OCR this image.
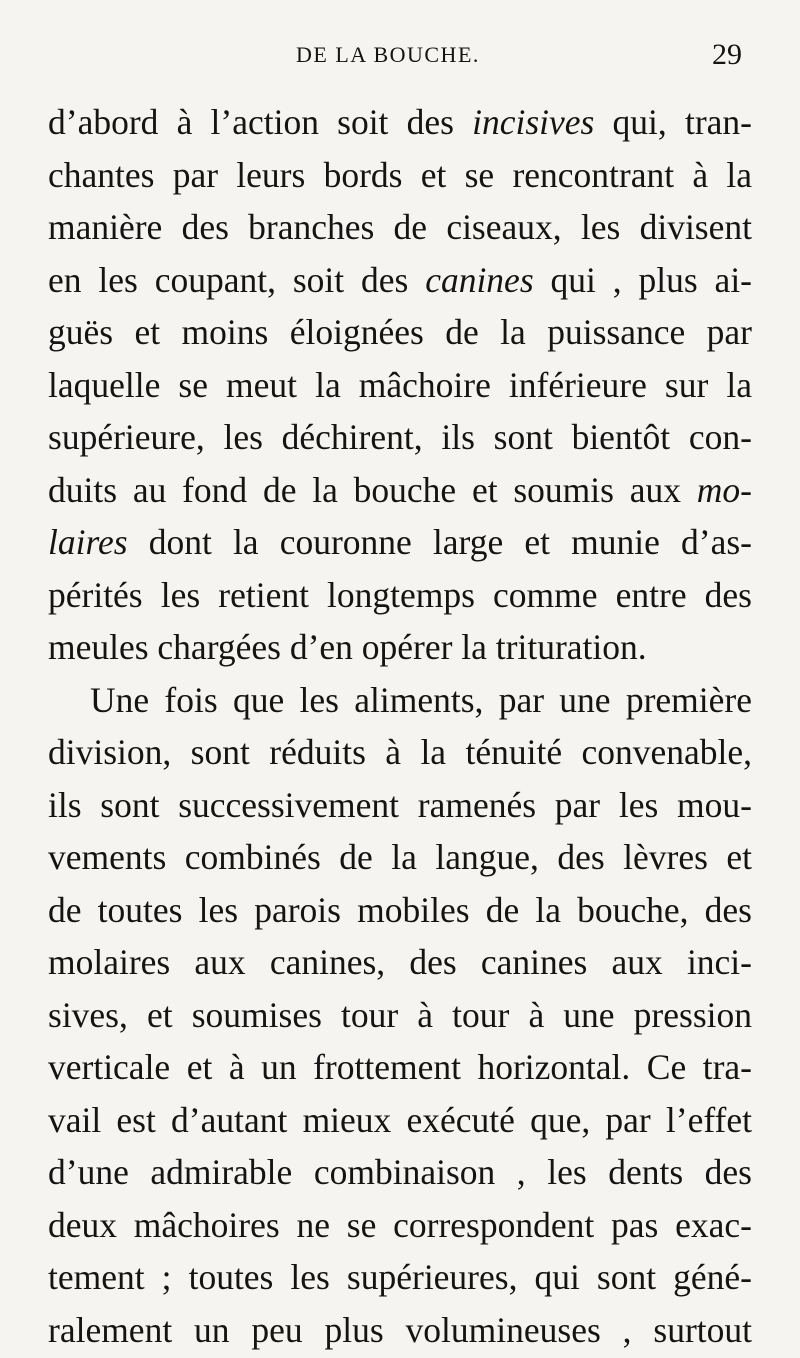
DE LA BOUCHE.	29
d’abord à l’action soit des incisives qui, tran-
chantes par leurs bords et se rencontrant à la
manière des branches de ciseaux, les divisent
en les coupant, soit des canines qui , plus ai-
guës et moins éloignées de la puissance par
laquelle se meut la mâchoire inférieure sur la
supérieure, les déchirent, ils sont bientôt con-
duits au fond de la bouche et soumis aux mo-
laires dont la couronne large et munie d’as-
pérités les retient longtemps comme entre des
meules chargées d’en opérer la trituration.
Une fois que les aliments, par une première
division, sont réduits à la ténuité convenable,
ils sont successivement ramenés par les mou-
vements combinés de la langue, des lèvres et
de toutes les parois mobiles de la bouche, des
molaires aux canines, des canines aux inci-
sives, et soumises tour à tour à une pression
verticale et à un frottement horizontal. Ce tra-
vail est d’autant mieux exécuté que, par l’effet
d’une admirable combinaison , les dents des
deux mâchoires ne se correspondent pas exac-
tement ; toutes les supérieures, qui sont géné-
ralement un peu plus volumineuses , surtout
